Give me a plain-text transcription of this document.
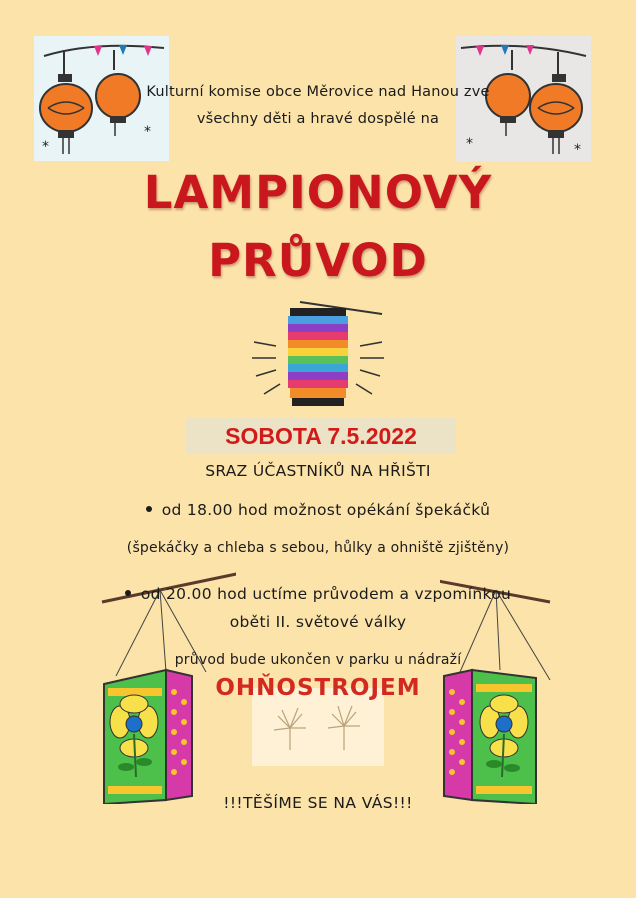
*
*
*	*
Kulturní komise obce Měrovice nad Hanou zve
všechny děti a hravé dospělé na
LAMPIONOVÝ
PRŮVOD
SOBOTA 7.5.2022
SRAZ ÚČASTNÍKŮ NA HŘIŠTI
od 18.00 hod možnost opékání špekáčků
(špekáčky a chleba s sebou, hůlky a ohniště zjištěny)
od 20.00 hod uctíme průvodem a vzpomínkou
oběti II. světové války
průvod bude ukončen v parku u nádraží
OHŇOSTROJEM
!!!TĚŠÍME SE NA VÁS!!!
